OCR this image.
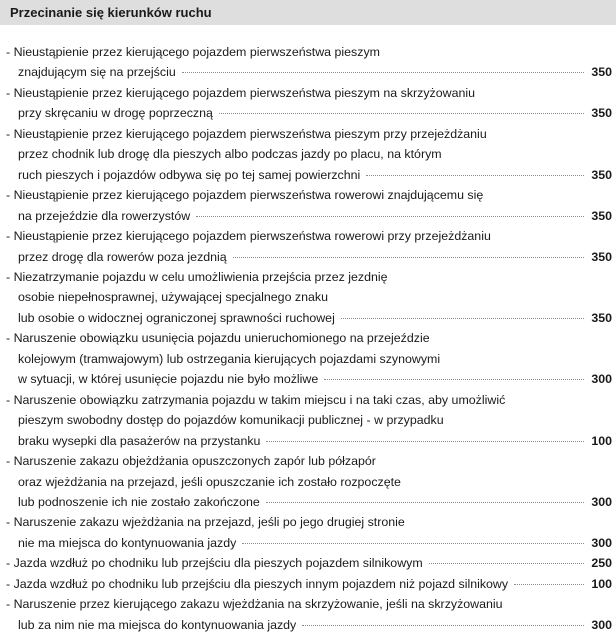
Przecinanie się kierunków ruchu
- Nieustąpienie przez kierującego pojazdem pierwszeństwa pieszym
znajdującym się na przejściu	350
- Nieustąpienie przez kierującego pojazdem pierwszeństwa pieszym na skrzyżowaniu
przy skręcaniu w drogę poprzeczną	350
- Nieustąpienie przez kierującego pojazdem pierwszeństwa pieszym przy przejeżdżaniu
przez chodnik lub drogę dla pieszych albo podczas jazdy po placu, na którym
ruch pieszych i pojazdów odbywa się po tej samej powierzchni	350
- Nieustąpienie przez kierującego pojazdem pierwszeństwa rowerowi znajdującemu się
na przejeździe dla rowerzystów	350
- Nieustąpienie przez kierującego pojazdem pierwszeństwa rowerowi przy przejeżdżaniu
przez drogę dla rowerów poza jezdnią	350
- Niezatrzymanie pojazdu w celu umożliwienia przejścia przez jezdnię
osobie niepełnosprawnej, używającej specjalnego znaku
lub osobie o widocznej ograniczonej sprawności ruchowej	350
- Naruszenie obowiązku usunięcia pojazdu unieruchomionego na przejeździe
kolejowym (tramwajowym) lub ostrzegania kierujących pojazdami szynowymi
w sytuacji, w której usunięcie pojazdu nie było możliwe	300
- Naruszenie obowiązku zatrzymania pojazdu w takim miejscu i na taki czas, aby umożliwić
pieszym swobodny dostęp do pojazdów komunikacji publicznej - w przypadku
braku wysepki dla pasażerów na przystanku	100
- Naruszenie zakazu objeżdżania opuszczonych zapór lub półzapór
oraz wjeżdżania na przejazd, jeśli opuszczanie ich zostało rozpoczęte
lub podnoszenie ich nie zostało zakończone	300
- Naruszenie zakazu wjeżdżania na przejazd, jeśli po jego drugiej stronie
nie ma miejsca do kontynuowania jazdy	300
- Jazda wzdłuż po chodniku lub przejściu dla pieszych pojazdem silnikowym	250
- Jazda wzdłuż po chodniku lub przejściu dla pieszych innym pojazdem niż pojazd silnikowy	100
- Naruszenie przez kierującego zakazu wjeżdżania na skrzyżowanie, jeśli na skrzyżowaniu
lub za nim nie ma miejsca do kontynuowania jazdy	300
